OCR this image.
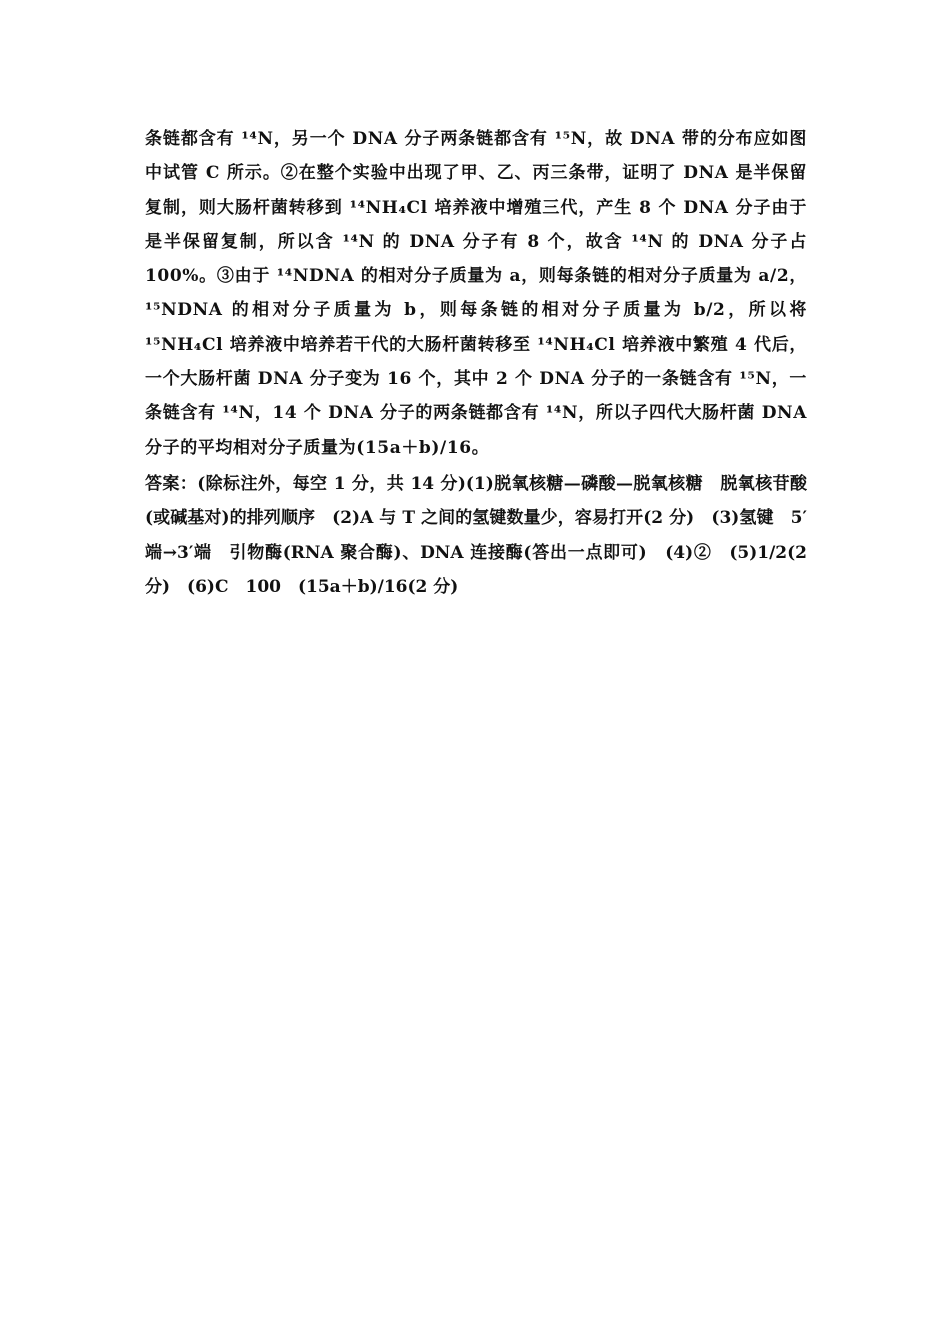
条链都含有 ¹⁴N，另一个 DNA 分子两条链都含有 ¹⁵N，故 DNA 带的分布应如图中试管 C 所示。②在整个实验中出现了甲、乙、丙三条带，证明了 DNA 是半保留复制，则大肠杆菌转移到 ¹⁴NH₄Cl 培养液中增殖三代，产生 8 个 DNA 分子由于是半保留复制，所以含 ¹⁴N 的 DNA 分子有 8 个，故含 ¹⁴N 的 DNA 分子占 100%。③由于 ¹⁴NDNA 的相对分子质量为 a，则每条链的相对分子质量为 a/2，¹⁵NDNA 的相对分子质量为 b，则每条链的相对分子质量为 b/2，所以将 ¹⁵NH₄Cl 培养液中培养若干代的大肠杆菌转移至 ¹⁴NH₄Cl 培养液中繁殖 4 代后，一个大肠杆菌 DNA 分子变为 16 个，其中 2 个 DNA 分子的一条链含有 ¹⁵N，一条链含有 ¹⁴N，14 个 DNA 分子的两条链都含有 ¹⁴N，所以子四代大肠杆菌 DNA 分子的平均相对分子质量为(15a＋b)/16。

答案：(除标注外，每空 1 分，共 14 分)(1)脱氧核糖—磷酸—脱氧核糖　脱氧核苷酸(或碱基对)的排列顺序　(2)A 与 T 之间的氢键数量少，容易打开(2 分)　(3)氢键　5′端→3′端　引物酶(RNA 聚合酶)、DNA 连接酶(答出一点即可)　(4)②　(5)1/2(2 分)　(6)C　100　(15a＋b)/16(2 分)
